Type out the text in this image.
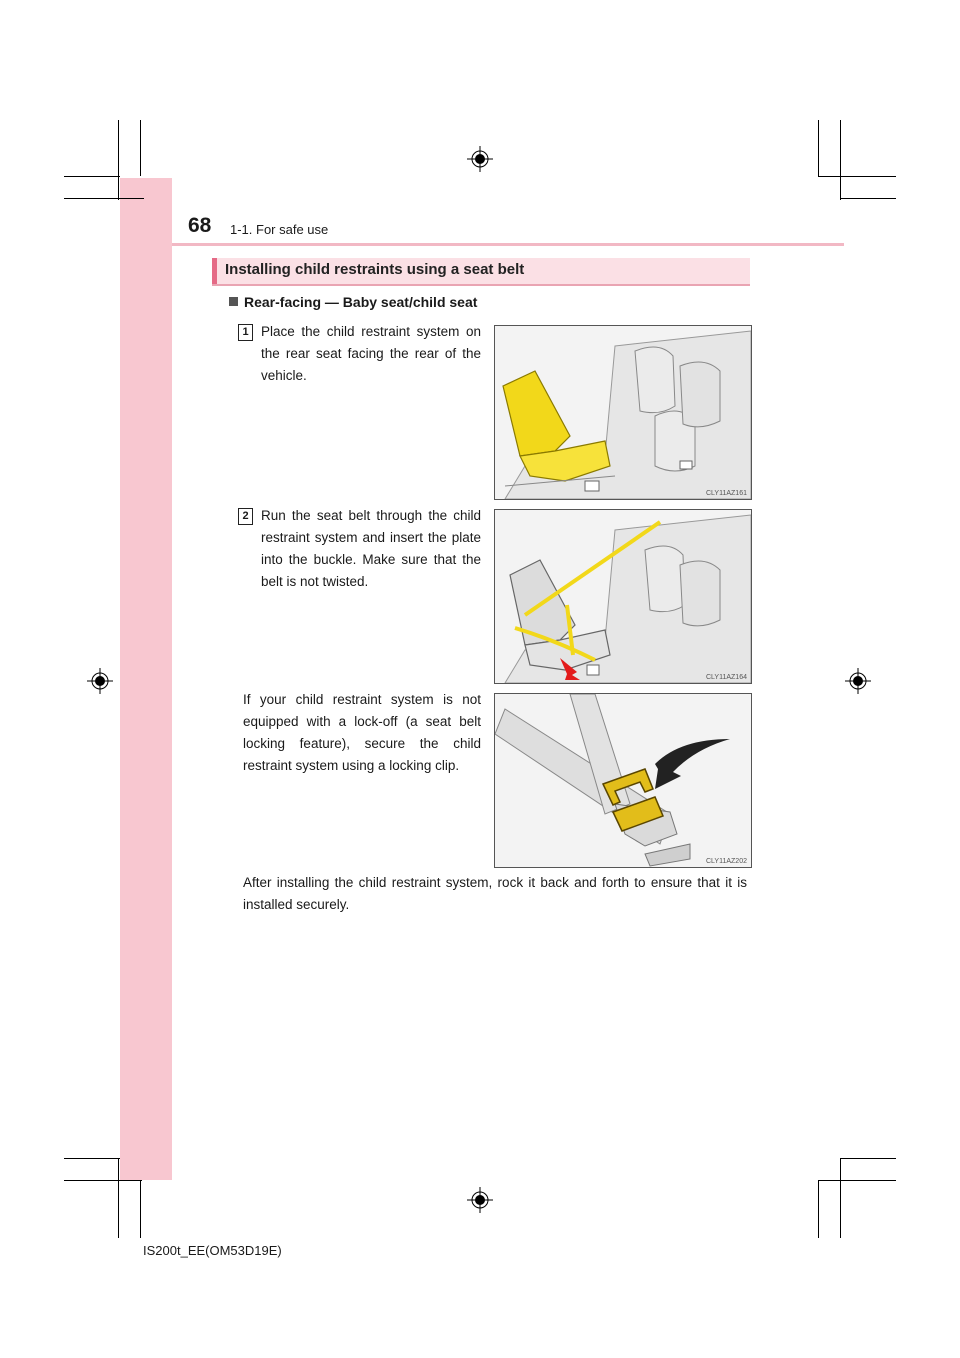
68 1-1. For safe use
Installing child restraints using a seat belt
Rear-facing — Baby seat/child seat
1 Place the child restraint system on the rear seat facing the rear of the vehicle.
CLY11AZ161
2 Run the seat belt through the child restraint system and insert the plate into the buckle. Make sure that the belt is not twisted.
CLY11AZ164
If your child restraint system is not equipped with a lock-off (a seat belt locking feature), secure the child restraint system using a locking clip.
CLY11AZ202
After installing the child restraint system, rock it back and forth to ensure that it is installed securely.
IS200t_EE(OM53D19E)
